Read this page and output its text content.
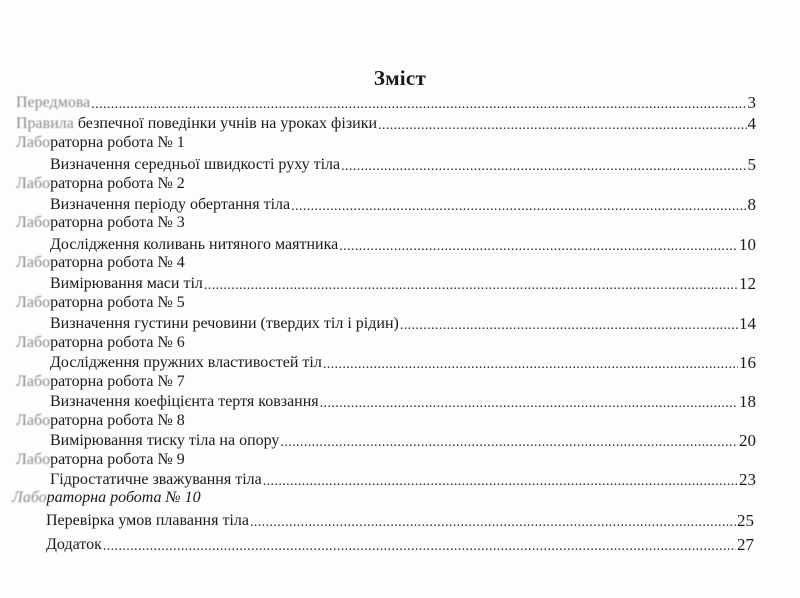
Зміст
Передмова .....	3
Правила безпечної поведінки учнів на уроках фізики .....	4
Лабораторна робота № 1
Визначення середньої швидкості руху тіла .....	5
Лабораторна робота № 2
Визначення періоду обертання тіла .....	8
Лабораторна робота № 3
Дослідження коливань нитяного маятника .....	10
Лабораторна робота № 4
Вимірювання маси тіл .....	12
Лабораторна робота № 5
Визначення густини речовини (твердих тіл і рідин) .....	14
Лабораторна робота № 6
Дослідження пружних властивостей тіл .....	16
Лабораторна робота № 7
Визначення коефіцієнта тертя ковзання .....	18
Лабораторна робота № 8
Вимірювання тиску тіла на опору .....	20
Лабораторна робота № 9
Гідростатичне зважування тіла .....	23
Лабораторна робота № 10
Перевірка умов плавання тіла .....	25
Додаток .....	27
